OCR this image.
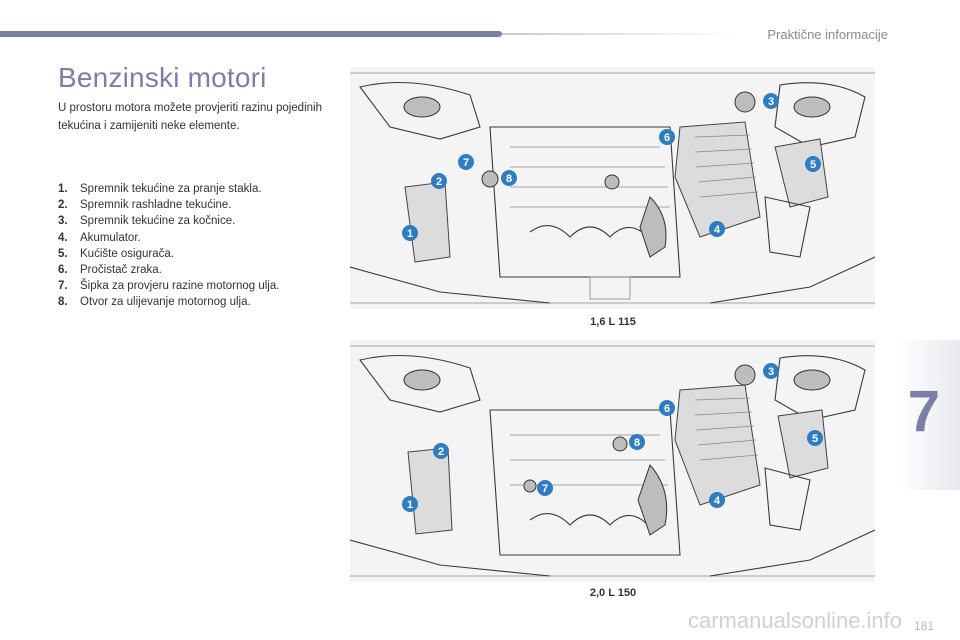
Praktične informacije
Benzinski motori
U prostoru motora možete provjeriti razinu pojedinih tekućina i zamijeniti neke elemente.
1.	Spremnik tekućine za pranje stakla.
2.	Spremnik rashladne tekućine.
3.	Spremnik tekućine za kočnice.
4.	Akumulator.
5.	Kućište osigurača.
6.	Pročistač zraka.
7.	Šipka za provjeru razine motornog ulja.
8.	Otvor za ulijevanje motornog ulja.
1
2
3
4
5
6
7
8
1,6 L 115
1
2
3
4
5
6
7
8
2,0 L 150
7
181
carmanualsonline.info
